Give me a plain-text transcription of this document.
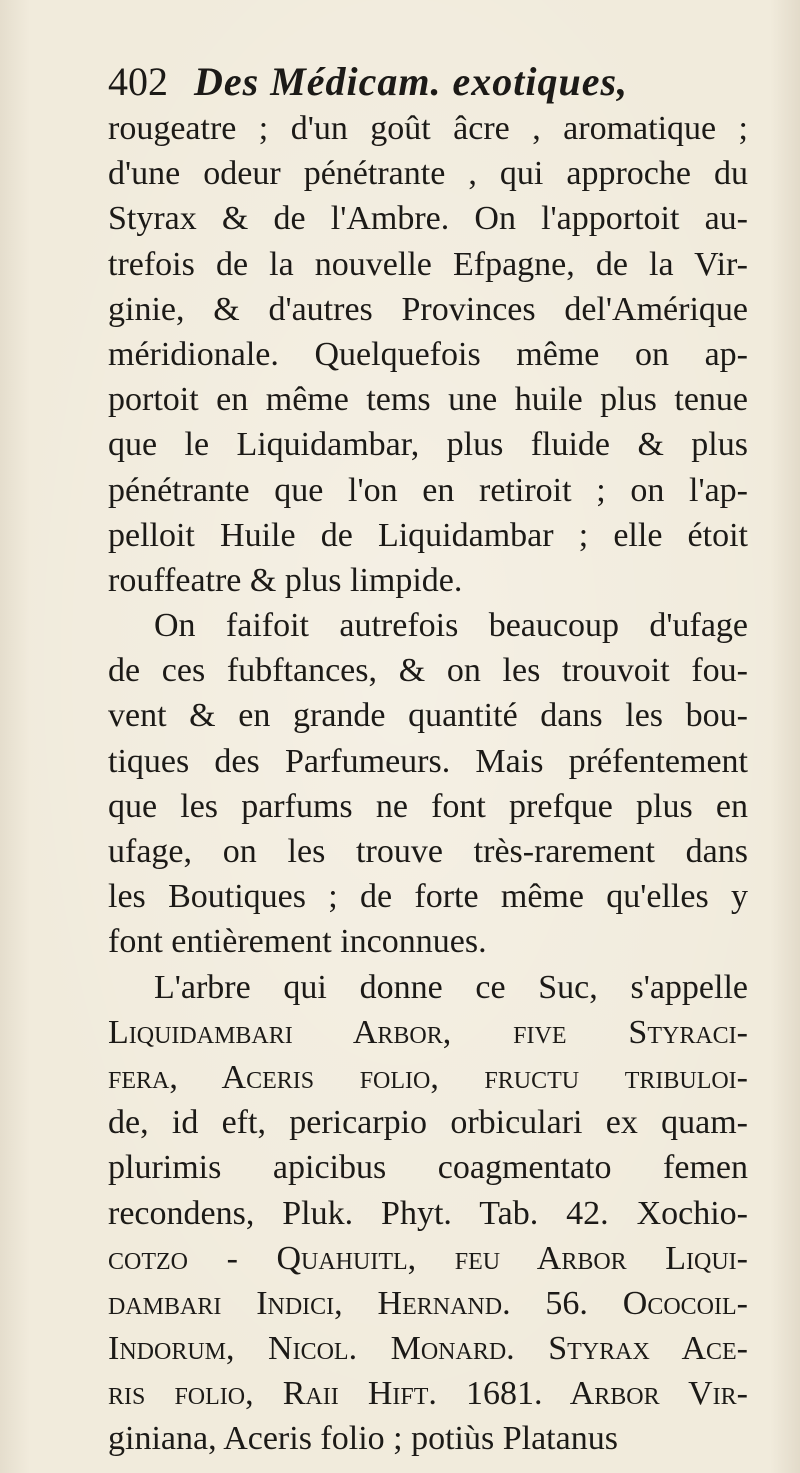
402 Des Médicam. exotiques,
rougeatre ; d'un goût âcre , aromatique ;
d'une odeur pénétrante , qui approche du
Styrax & de l'Ambre. On l'apportoit au-
trefois de la nouvelle Efpagne, de la Vir-
ginie, & d'autres Provinces del'Amérique
méridionale. Quelquefois même on ap-
portoit en même tems une huile plus tenue
que le Liquidambar, plus fluide & plus
pénétrante que l'on en retiroit ; on l'ap-
pelloit Huile de Liquidambar ; elle étoit
rouffeatre & plus limpide.
On faifoit autrefois beaucoup d'ufage
de ces fubftances, & on les trouvoit fou-
vent & en grande quantité dans les bou-
tiques des Parfumeurs. Mais préfentement
que les parfums ne font prefque plus en
ufage, on les trouve très-rarement dans
les Boutiques ; de forte même qu'elles y
font entièrement inconnues.
L'arbre qui donne ce Suc, s'appelle
Liquidambari Arbor, five Styraci-
fera, Aceris folio, fructu tribuloi-
de, id eft, pericarpio orbiculari ex quam-
plurimis apicibus coagmentato femen
recondens, Pluk. Phyt. Tab. 42. Xochio-
cotzo - Quahuitl, feu Arbor Liqui-
dambari Indici, Hernand. 56. Ococoil-
Indorum, Nicol. Monard. Styrax Ace-
ris folio, Raii Hift. 1681. Arbor Vir-
giniana, Aceris folio ; potiùs Platanus
